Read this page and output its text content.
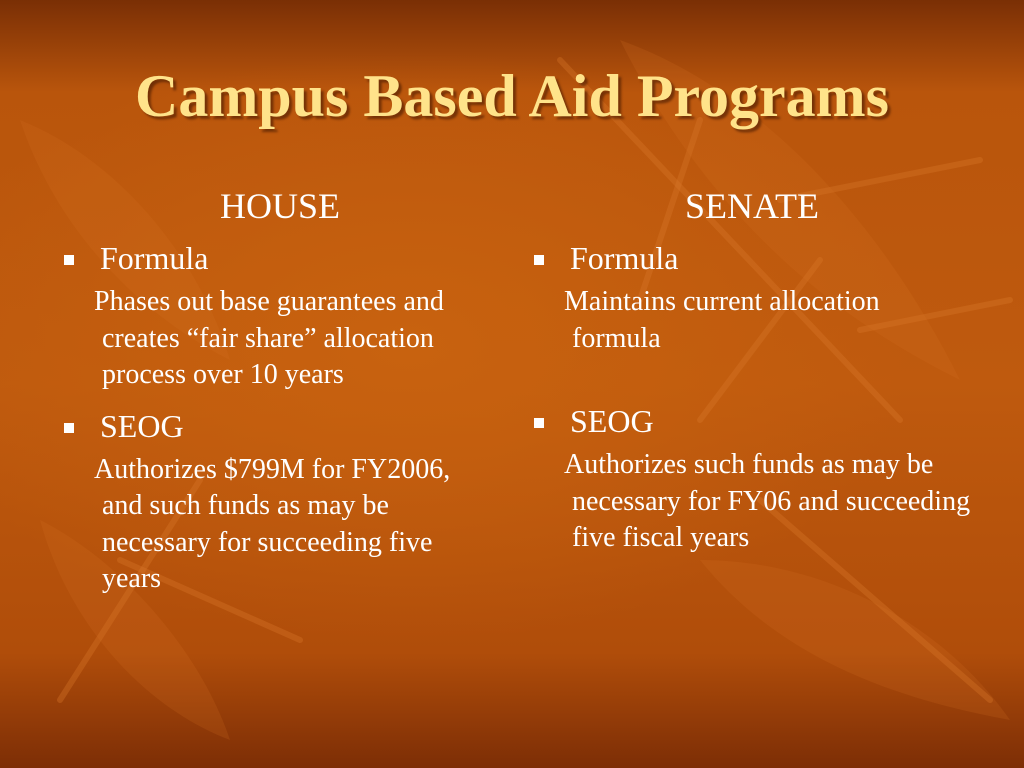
Campus Based Aid Programs
HOUSE
Formula

Phases out base guarantees and creates “fair share” allocation process over 10 years

SEOG

Authorizes $799M for FY2006, and such funds as may be necessary for succeeding five years

SENATE
Formula

Maintains current allocation formula

SEOG

Authorizes such funds as may be necessary for FY06 and succeeding five fiscal years
